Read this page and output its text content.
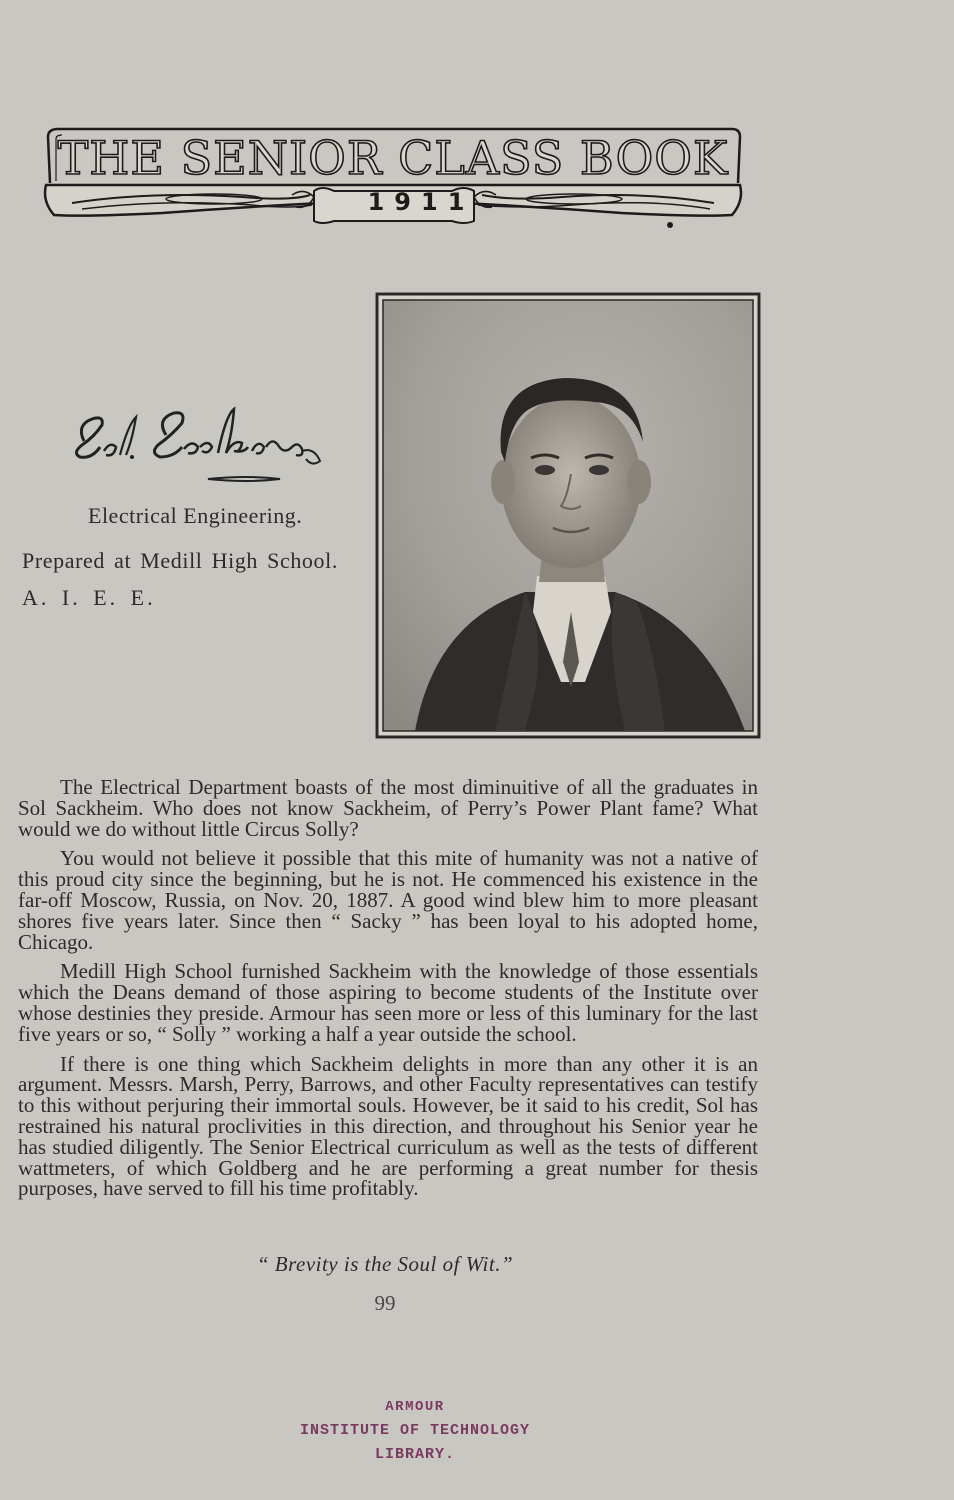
THE SENIOR CLASS BOOK
1911
Electrical Engineering.
Prepared at Medill High School.
A. I. E. E.

The Electrical Department boasts of the most diminuitive of all the graduates in Sol Sackheim. Who does not know Sackheim, of Perry’s Power Plant fame? What would we do without little Circus Solly?

You would not believe it possible that this mite of humanity was not a native of this proud city since the beginning, but he is not. He commenced his existence in the far-off Moscow, Russia, on Nov. 20, 1887. A good wind blew him to more pleasant shores five years later. Since then “ Sacky ” has been loyal to his adopted home, Chicago.

Medill High School furnished Sackheim with the knowledge of those essentials which the Deans demand of those aspiring to become students of the Institute over whose destinies they preside. Armour has seen more or less of this luminary for the last five years or so, “ Solly ” working a half a year outside the school.

If there is one thing which Sackheim delights in more than any other it is an argument. Messrs. Marsh, Perry, Barrows, and other Faculty representatives can testify to this without perjuring their immortal souls. However, be it said to his credit, Sol has restrained his natural proclivities in this direction, and throughout his Senior year he has studied diligently. The Senior Electrical curriculum as well as the tests of different wattmeters, of which Goldberg and he are performing a great number for thesis purposes, have served to fill his time profitably.

“ Brevity is the Soul of Wit.”
99
ARMOUR
INSTITUTE OF TECHNOLOGY
LIBRARY.
